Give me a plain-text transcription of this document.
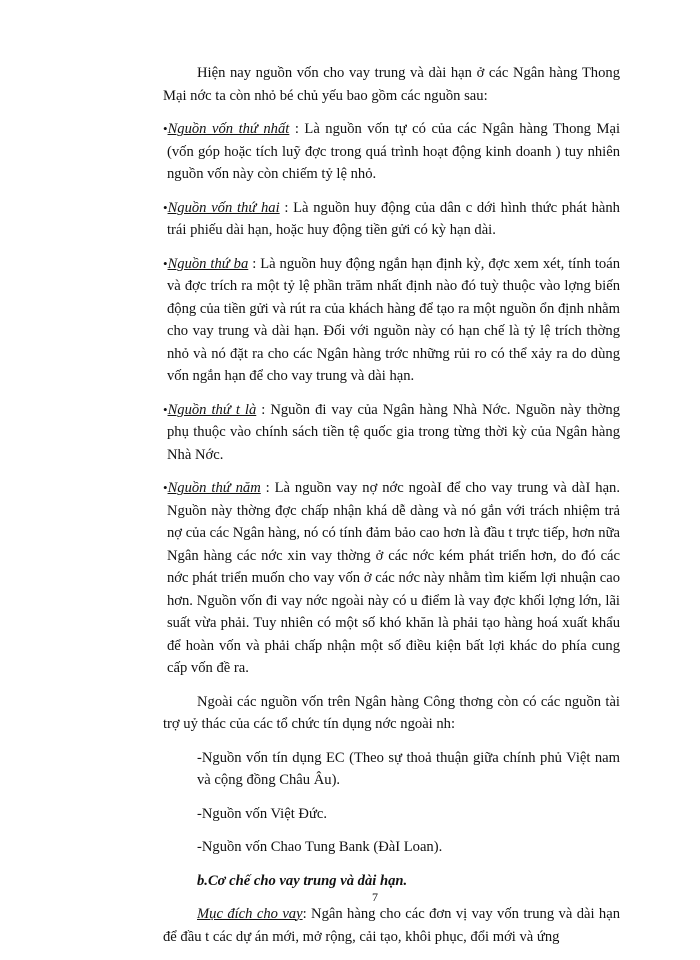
Hiện nay nguồn vốn cho vay trung và dài hạn ở các Ngân hàng Thong Mại nớc ta còn nhỏ bé chủ yếu bao gồm các nguồn sau:

•Nguồn vốn thứ nhất : Là nguồn vốn tự có của các Ngân hàng Thong Mại (vốn góp hoặc tích luỹ đợc trong quá trình hoạt động kinh doanh ) tuy nhiên nguồn vốn này còn chiếm tỷ lệ nhỏ.

•Nguồn vốn thứ hai : Là nguồn huy động của dân c dới hình thức phát hành trái phiếu dài hạn, hoặc huy động tiền gửi có kỳ hạn dài.

•Nguồn thứ ba : Là nguồn huy động ngắn hạn định kỳ, đợc xem xét, tính toán và đợc trích ra một tỷ lệ phần trăm nhất định nào đó tuỳ thuộc vào lợng biến động của tiền gửi và rút ra của khách hàng để tạo ra một nguồn ổn định nhằm cho vay trung và dài hạn. Đối với nguồn này có hạn chế là tỷ lệ trích thờng nhỏ và nó đặt ra cho các Ngân hàng trớc những rủi ro có thể xảy ra do dùng vốn ngắn hạn để cho vay trung và dài hạn.

•Nguồn thứ t là : Nguồn đi vay của Ngân hàng Nhà Nớc. Nguồn này thờng phụ thuộc vào chính sách tiền tệ quốc gia trong từng thời kỳ của Ngân hàng Nhà Nớc.

•Nguồn thứ năm : Là nguồn vay nợ nớc ngoàI để cho vay trung và dàI hạn. Nguồn này thờng đợc chấp nhận khá dễ dàng và nó gắn với trách nhiệm trả nợ của các Ngân hàng, nó có tính đảm bảo cao hơn là đầu t trực tiếp, hơn nữa Ngân hàng các nớc xin vay thờng ở các nớc kém phát triển hơn, do đó các nớc phát triển muốn cho vay vốn ở các nớc này nhằm tìm kiếm lợi nhuận cao hơn. Nguồn vốn đi vay nớc ngoài này có u điểm là vay đợc khối lợng lớn, lãi suất vừa phải. Tuy nhiên có một số khó khăn là phải tạo hàng hoá xuất khẩu để hoàn vốn và phải chấp nhận một số điều kiện bất lợi khác do phía cung cấp vốn đề ra.

Ngoài các nguồn vốn trên Ngân hàng Công thơng còn có các nguồn tài trợ uỷ thác của các tổ chức tín dụng nớc ngoài nh:

-Nguồn vốn tín dụng EC (Theo sự thoả thuận giữa chính phủ Việt nam và cộng đồng Châu Âu).

-Nguồn vốn Việt Đức.

-Nguồn vốn Chao Tung Bank (ĐàI Loan).

b.Cơ chế cho vay trung và dài hạn.

Mục đích cho vay: Ngân hàng cho các đơn vị vay vốn trung và dài hạn để đầu t các dự án mới, mở rộng, cải tạo, khôi phục, đổi mới và ứng

7
